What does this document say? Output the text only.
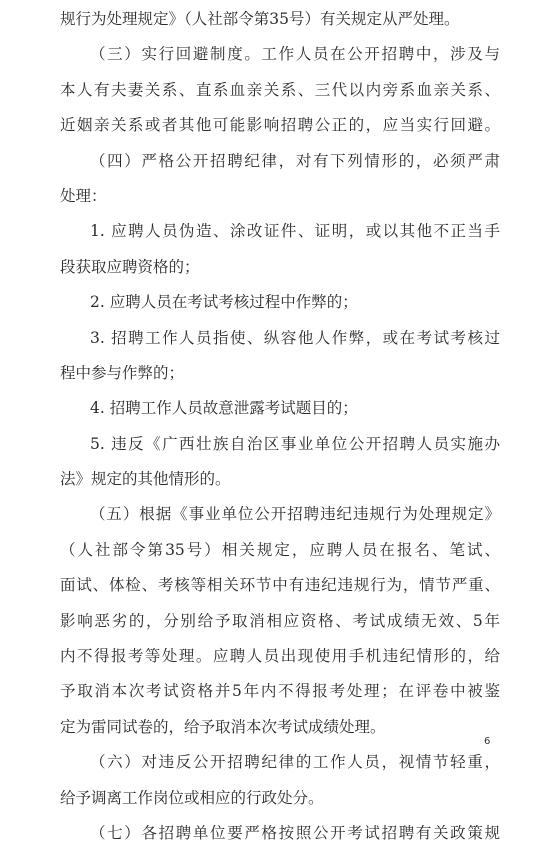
规行为处理规定》（人社部令第35号）有关规定从严处理。
（三）实行回避制度。工作人员在公开招聘中，涉及与
本人有夫妻关系、直系血亲关系、三代以内旁系血亲关系、
近姻亲关系或者其他可能影响招聘公正的，应当实行回避。
（四）严格公开招聘纪律，对有下列情形的，必须严肃
处理：
1. 应聘人员伪造、涂改证件、证明，或以其他不正当手
段获取应聘资格的；
2. 应聘人员在考试考核过程中作弊的；
3. 招聘工作人员指使、纵容他人作弊，或在考试考核过
程中参与作弊的；
4. 招聘工作人员故意泄露考试题目的；
5. 违反《广西壮族自治区事业单位公开招聘人员实施办
法》规定的其他情形的。
（五）根据《事业单位公开招聘违纪违规行为处理规定》
（人社部令第35号）相关规定，应聘人员在报名、笔试、
面试、体检、考核等相关环节中有违纪违规行为，情节严重、
影响恶劣的，分别给予取消相应资格、考试成绩无效、5年
内不得报考等处理。应聘人员出现使用手机违纪情形的，给
予取消本次考试资格并5年内不得报考处理；在评卷中被鉴
定为雷同试卷的，给予取消本次考试成绩处理。
（六）对违反公开招聘纪律的工作人员，视情节轻重，
给予调离工作岗位或相应的行政处分。
（七）各招聘单位要严格按照公开考试招聘有关政策规
6
